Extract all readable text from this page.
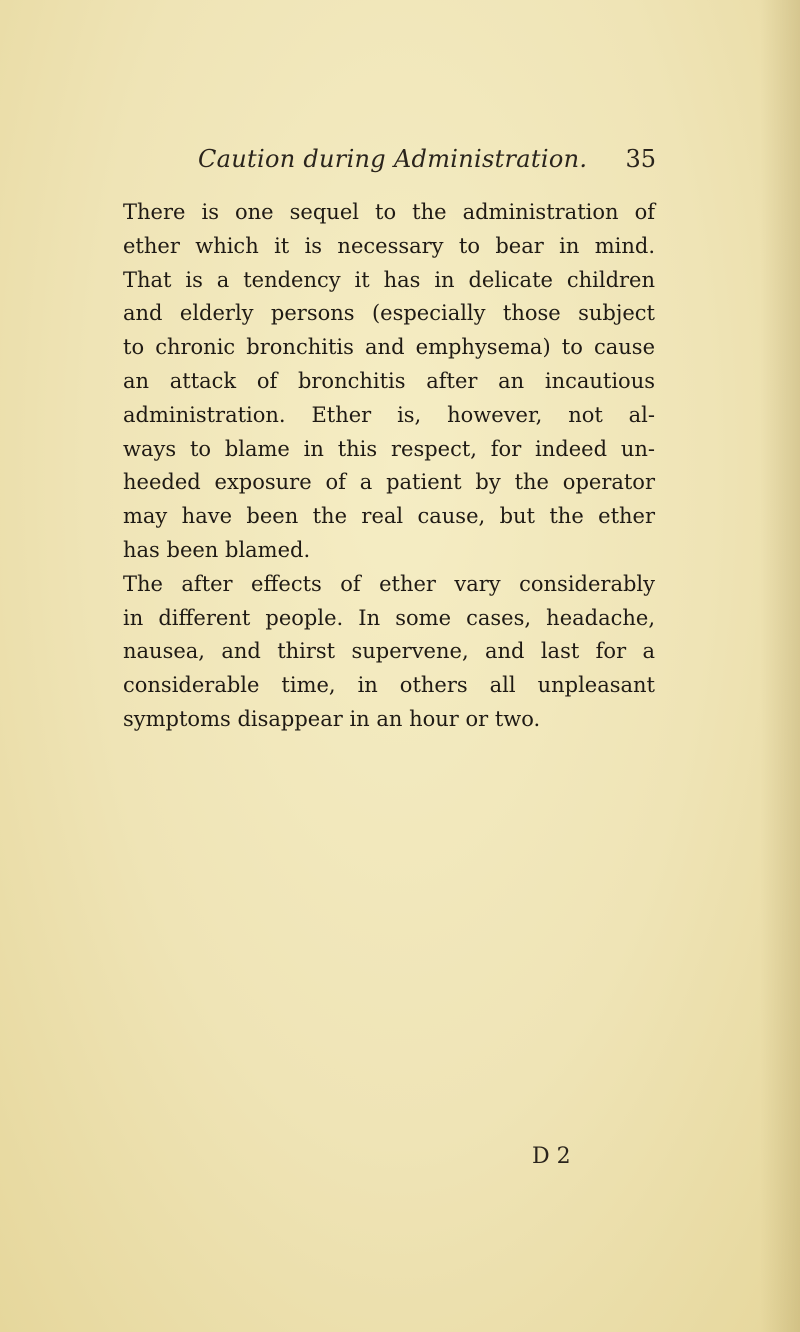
Caution during Administration. 35

There is one sequel to the administration of
ether which it is necessary to bear in mind.
That is a tendency it has in delicate children
and elderly persons (especially those subject
to chronic bronchitis and emphysema) to cause
an attack of bronchitis after an incautious
administration. Ether is, however, not al-
ways to blame in this respect, for indeed un-
heeded exposure of a patient by the operator
may have been the real cause, but the ether
has been blamed.

The after effects of ether vary considerably
in different people. In some cases, headache,
nausea, and thirst supervene, and last for a
considerable time, in others all unpleasant
symptoms disappear in an hour or two.

D 2
